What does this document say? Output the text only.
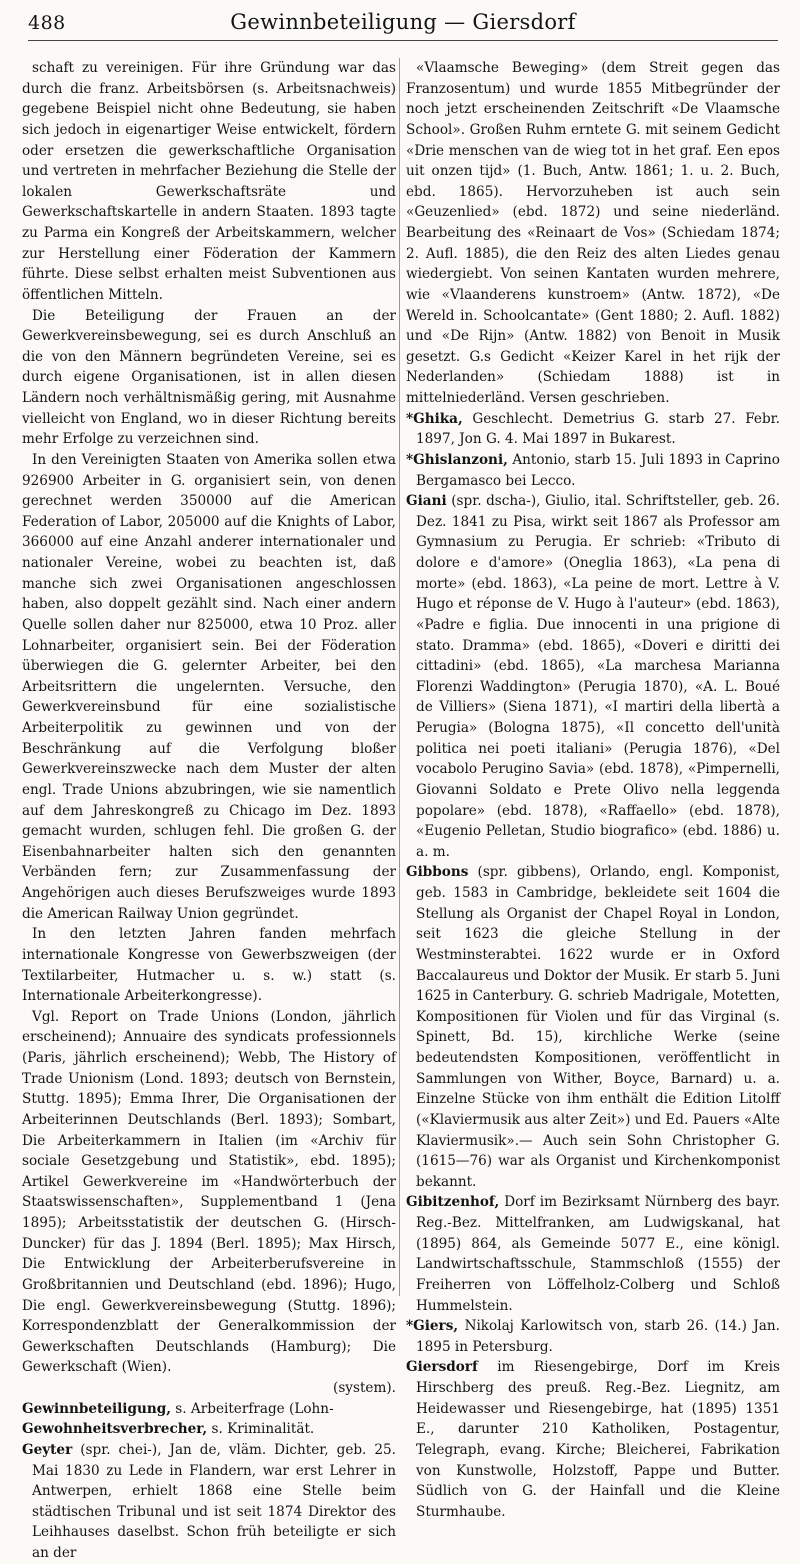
488	Gewinnbeteiligung — Giersdorf

schaft zu vereinigen. Für ihre Gründung war das durch die franz. Arbeitsbörsen (s. Arbeitsnachweis) gegebene Beispiel nicht ohne Bedeutung, sie haben sich jedoch in eigenartiger Weise entwickelt, fördern oder ersetzen die gewerkschaftliche Organisation und vertreten in mehrfacher Beziehung die Stelle der lokalen Gewerkschaftsräte und Gewerkschaftskartelle in andern Staaten. 1893 tagte zu Parma ein Kongreß der Arbeitskammern, welcher zur Herstellung einer Föderation der Kammern führte. Diese selbst erhalten meist Subventionen aus öffentlichen Mitteln.

Die Beteiligung der Frauen an der Gewerkvereinsbewegung, sei es durch Anschluß an die von den Männern begründeten Vereine, sei es durch eigene Organisationen, ist in allen diesen Ländern noch verhältnismäßig gering, mit Ausnahme vielleicht von England, wo in dieser Richtung bereits mehr Erfolge zu verzeichnen sind.

In den Vereinigten Staaten von Amerika sollen etwa 926900 Arbeiter in G. organisiert sein, von denen gerechnet werden 350000 auf die American Federation of Labor, 205000 auf die Knights of Labor, 366000 auf eine Anzahl anderer internationaler und nationaler Vereine, wobei zu beachten ist, daß manche sich zwei Organisationen angeschlossen haben, also doppelt gezählt sind. Nach einer andern Quelle sollen daher nur 825000, etwa 10 Proz. aller Lohnarbeiter, organisiert sein. Bei der Föderation überwiegen die G. gelernter Arbeiter, bei den Arbeitsrittern die ungelernten. Versuche, den Gewerkvereinsbund für eine sozialistische Arbeiterpolitik zu gewinnen und von der Beschränkung auf die Verfolgung bloßer Gewerkvereinszwecke nach dem Muster der alten engl. Trade Unions abzubringen, wie sie namentlich auf dem Jahreskongreß zu Chicago im Dez. 1893 gemacht wurden, schlugen fehl. Die großen G. der Eisenbahnarbeiter halten sich den genannten Verbänden fern; zur Zusammenfassung der Angehörigen auch dieses Berufszweiges wurde 1893 die American Railway Union gegründet.

In den letzten Jahren fanden mehrfach internationale Kongresse von Gewerbszweigen (der Textilarbeiter, Hutmacher u. s. w.) statt (s. Internationale Arbeiterkongresse).

Vgl. Report on Trade Unions (London, jährlich erscheinend); Annuaire des syndicats professionnels (Paris, jährlich erscheinend); Webb, The History of Trade Unionism (Lond. 1893; deutsch von Bernstein, Stuttg. 1895); Emma Ihrer, Die Organisationen der Arbeiterinnen Deutschlands (Berl. 1893); Sombart, Die Arbeiterkammern in Italien (im «Archiv für sociale Gesetzgebung und Statistik», ebd. 1895); Artikel Gewerkvereine im «Handwörterbuch der Staatswissenschaften», Supplementband 1 (Jena 1895); Arbeitsstatistik der deutschen G. (Hirsch-Duncker) für das J. 1894 (Berl. 1895); Max Hirsch, Die Entwicklung der Arbeiterberufsvereine in Großbritannien und Deutschland (ebd. 1896); Hugo, Die engl. Gewerkvereinsbewegung (Stuttg. 1896); Korrespondenzblatt der Generalkommission der Gewerkschaften Deutschlands (Hamburg); Die Gewerkschaft (Wien).

(system).

Gewinnbeteiligung, s. Arbeiterfrage (Lohn-

Gewohnheitsverbrecher, s. Kriminalität.

Geyter (spr. chei-), Jan de, vläm. Dichter, geb. 25. Mai 1830 zu Lede in Flandern, war erst Lehrer in Antwerpen, erhielt 1868 eine Stelle beim städtischen Tribunal und ist seit 1874 Direktor des Leihhauses daselbst. Schon früh beteiligte er sich an der

«Vlaamsche Beweging» (dem Streit gegen das Franzosentum) und wurde 1855 Mitbegründer der noch jetzt erscheinenden Zeitschrift «De Vlaamsche School». Großen Ruhm erntete G. mit seinem Gedicht «Drie menschen van de wieg tot in het graf. Een epos uit onzen tijd» (1. Buch, Antw. 1861; 1. u. 2. Buch, ebd. 1865). Hervorzuheben ist auch sein «Geuzenlied» (ebd. 1872) und seine niederländ. Bearbeitung des «Reinaart de Vos» (Schiedam 1874; 2. Aufl. 1885), die den Reiz des alten Liedes genau wiedergiebt. Von seinen Kantaten wurden mehrere, wie «Vlaanderens kunstroem» (Antw. 1872), «De Wereld in. Schoolcantate» (Gent 1880; 2. Aufl. 1882) und «De Rijn» (Antw. 1882) von Benoit in Musik gesetzt. G.s Gedicht «Keizer Karel in het rijk der Nederlanden» (Schiedam 1888) ist in mittelniederländ. Versen geschrieben.

*Ghika, Geschlecht. Demetrius G. starb 27. Febr. 1897, Jon G. 4. Mai 1897 in Bukarest.

*Ghislanzoni, Antonio, starb 15. Juli 1893 in Caprino Bergamasco bei Lecco.

Giani (spr. dscha-), Giulio, ital. Schriftsteller, geb. 26. Dez. 1841 zu Pisa, wirkt seit 1867 als Professor am Gymnasium zu Perugia. Er schrieb: «Tributo di dolore e d'amore» (Oneglia 1863), «La pena di morte» (ebd. 1863), «La peine de mort. Lettre à V. Hugo et réponse de V. Hugo à l'auteur» (ebd. 1863), «Padre e figlia. Due innocenti in una prigione di stato. Dramma» (ebd. 1865), «Doveri e diritti dei cittadini» (ebd. 1865), «La marchesa Marianna Florenzi Waddington» (Perugia 1870), «A. L. Boué de Villiers» (Siena 1871), «I martiri della libertà a Perugia» (Bologna 1875), «Il concetto dell'unità politica nei poeti italiani» (Perugia 1876), «Del vocabolo Perugino Savia» (ebd. 1878), «Pimpernelli, Giovanni Soldato e Prete Olivo nella leggenda popolare» (ebd. 1878), «Raffaello» (ebd. 1878), «Eugenio Pelletan, Studio biografico» (ebd. 1886) u. a. m.

Gibbons (spr. gibbens), Orlando, engl. Komponist, geb. 1583 in Cambridge, bekleidete seit 1604 die Stellung als Organist der Chapel Royal in London, seit 1623 die gleiche Stellung in der Westminsterabtei. 1622 wurde er in Oxford Baccalaureus und Doktor der Musik. Er starb 5. Juni 1625 in Canterbury. G. schrieb Madrigale, Motetten, Kompositionen für Violen und für das Virginal (s. Spinett, Bd. 15), kirchliche Werke (seine bedeutendsten Kompositionen, veröffentlicht in Sammlungen von Wither, Boyce, Barnard) u. a. Einzelne Stücke von ihm enthält die Edition Litolff («Klaviermusik aus alter Zeit») und Ed. Pauers «Alte Klaviermusik».— Auch sein Sohn Christopher G. (1615—76) war als Organist und Kirchenkomponist bekannt.

Gibitzenhof, Dorf im Bezirksamt Nürnberg des bayr. Reg.-Bez. Mittelfranken, am Ludwigskanal, hat (1895) 864, als Gemeinde 5077 E., eine königl. Landwirtschaftsschule, Stammschloß (1555) der Freiherren von Löffelholz-Colberg und Schloß Hummelstein.

*Giers, Nikolaj Karlowitsch von, starb 26. (14.) Jan. 1895 in Petersburg.

Giersdorf im Riesengebirge, Dorf im Kreis Hirschberg des preuß. Reg.-Bez. Liegnitz, am Heidewasser und Riesengebirge, hat (1895) 1351 E., darunter 210 Katholiken, Postagentur, Telegraph, evang. Kirche; Bleicherei, Fabrikation von Kunstwolle, Holzstoff, Pappe und Butter. Südlich von G. der Hainfall und die Kleine Sturmhaube.
